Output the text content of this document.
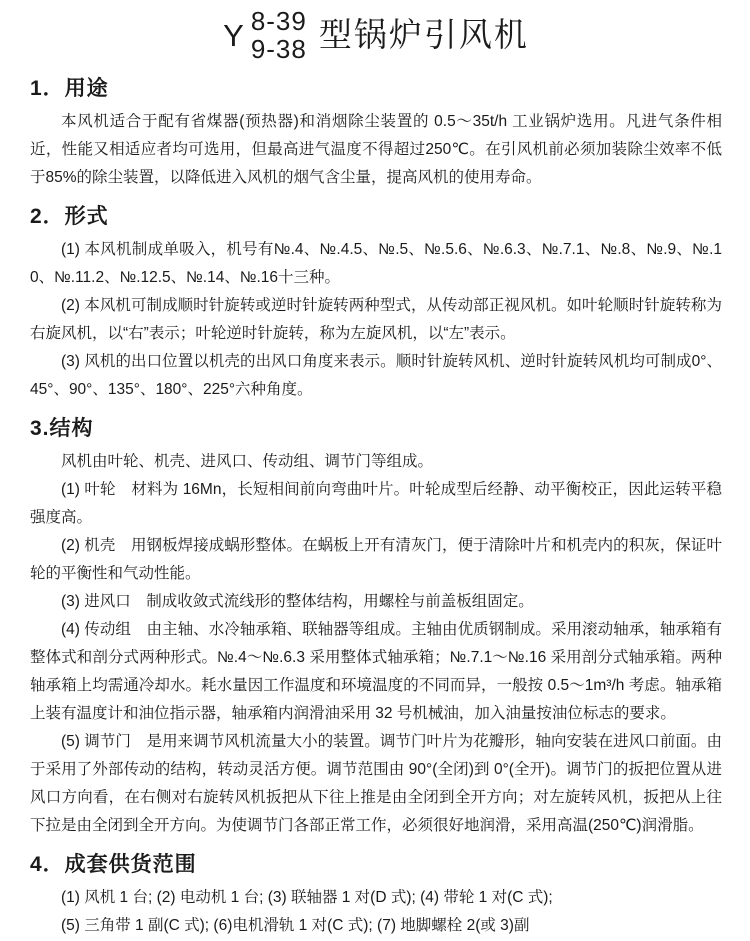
Y 8-39
9-38 型锅炉引风机
1．用途

本风机适合于配有省煤器(预热器)和消烟除尘装置的 0.5～35t/h 工业锅炉选用。凡进气条件相近，性能又相适应者均可选用，但最高进气温度不得超过250℃。在引风机前必须加装除尘效率不低于85%的除尘装置，以降低进入风机的烟气含尘量，提高风机的使用寿命。

2．形式

(1) 本风机制成单吸入，机号有№.4、№.4.5、№.5、№.5.6、№.6.3、№.7.1、№.8、№.9、№.10、№.11.2、№.12.5、№.14、№.16十三种。

(2) 本风机可制成顺时针旋转或逆时针旋转两种型式，从传动部正视风机。如叶轮顺时针旋转称为右旋风机，以“右”表示；叶轮逆时针旋转，称为左旋风机，以“左”表示。

(3) 风机的出口位置以机壳的出风口角度来表示。顺时针旋转风机、逆时针旋转风机均可制成0°、45°、90°、135°、180°、225°六种角度。

3.结构

风机由叶轮、机壳、进风口、传动组、调节门等组成。

(1) 叶轮　材料为 16Mn，长短相间前向弯曲叶片。叶轮成型后经静、动平衡校正，因此运转平稳强度高。

(2) 机壳　用钢板焊接成蜗形整体。在蜗板上开有清灰门，便于清除叶片和机壳内的积灰，保证叶轮的平衡性和气动性能。

(3) 进风口　制成收敛式流线形的整体结构，用螺栓与前盖板组固定。

(4) 传动组　由主轴、水冷轴承箱、联轴器等组成。主轴由优质钢制成。采用滚动轴承，轴承箱有整体式和剖分式两种形式。№.4～№.6.3 采用整体式轴承箱；№.7.1～№.16 采用剖分式轴承箱。两种轴承箱上均需通冷却水。耗水量因工作温度和环境温度的不同而异，一般按 0.5～1m³/h 考虑。轴承箱上装有温度计和油位指示器，轴承箱内润滑油采用 32 号机械油，加入油量按油位标志的要求。

(5) 调节门　是用来调节风机流量大小的装置。调节门叶片为花瓣形，轴向安装在进风口前面。由于采用了外部传动的结构，转动灵活方便。调节范围由 90°(全闭)到 0°(全开)。调节门的扳把位置从进风口方向看，在右侧对右旋转风机扳把从下往上推是由全闭到全开方向；对左旋转风机，扳把从上往下拉是由全闭到全开方向。为使调节门各部正常工作，必须很好地润滑，采用高温(250℃)润滑脂。

4．成套供货范围

(1) 风机 1 台; (2) 电动机 1 台; (3) 联轴器 1 对(D 式); (4) 带轮 1 对(C 式);

(5) 三角带 1 副(C 式); (6)电机滑轨 1 对(C 式); (7) 地脚螺栓 2(或 3)副
